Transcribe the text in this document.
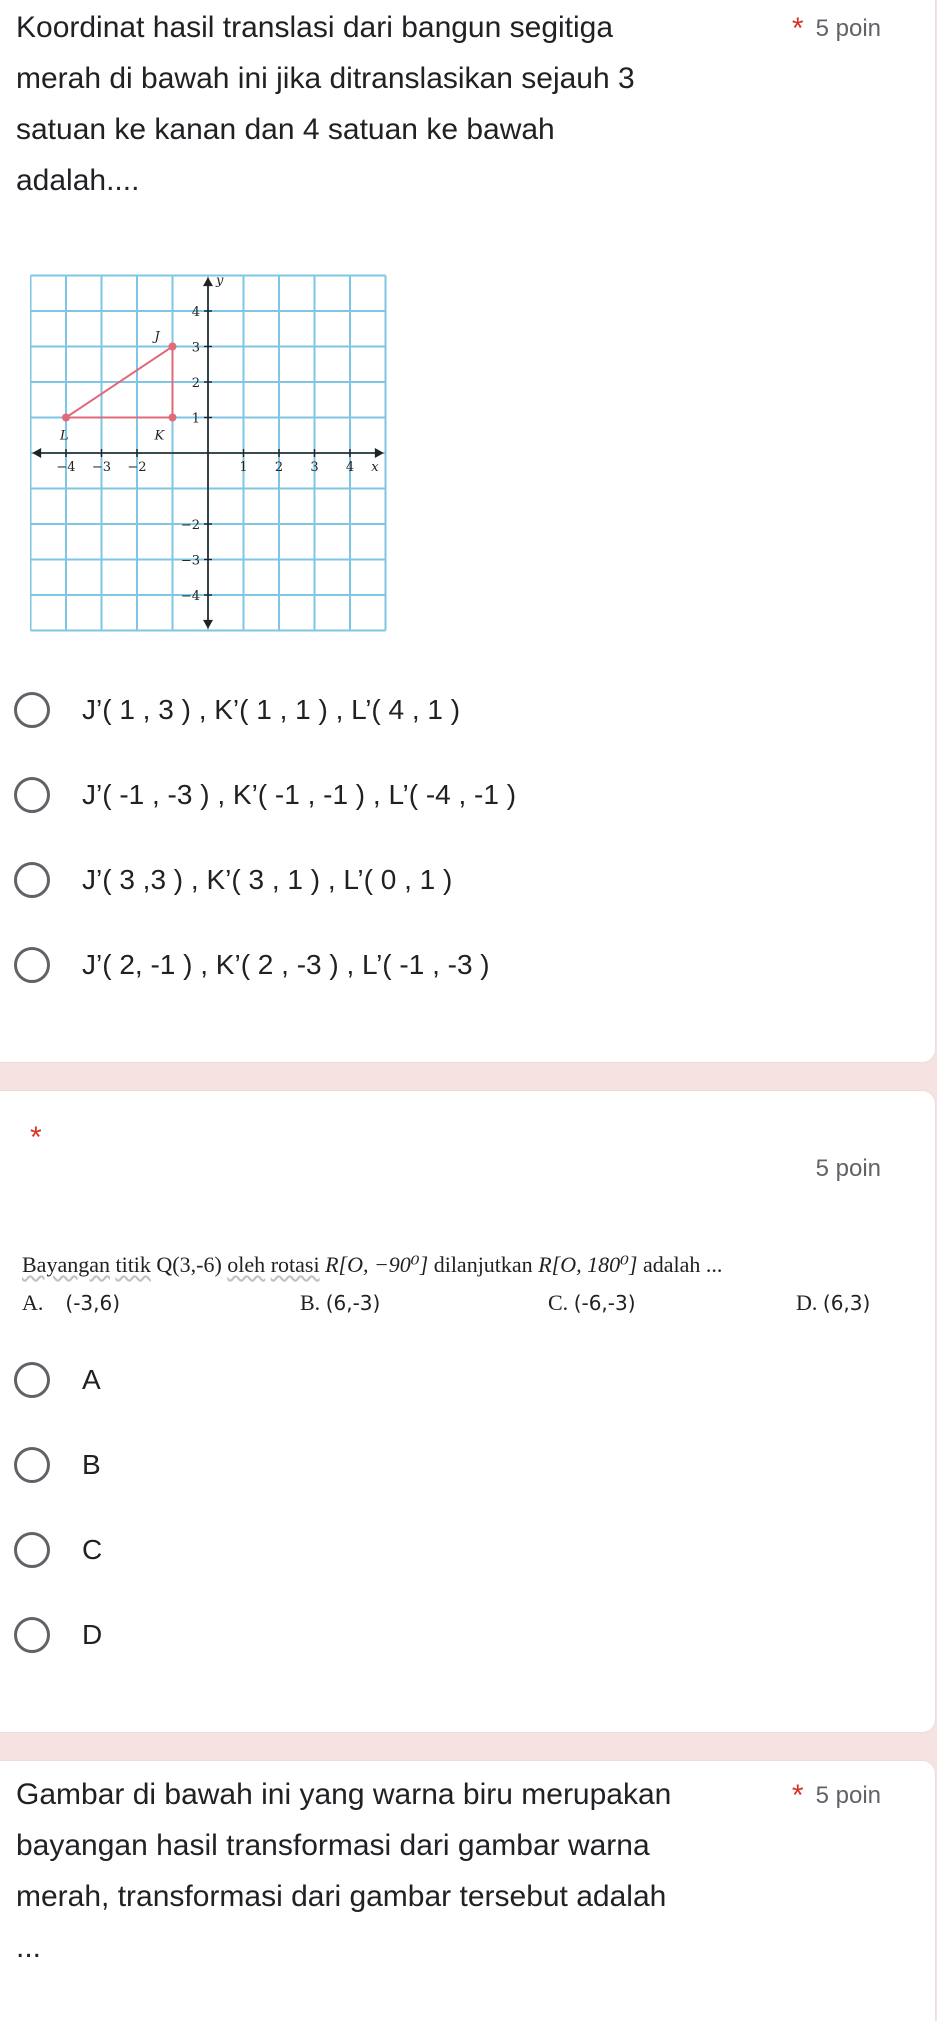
Koordinat hasil translasi dari bangun segitiga
merah di bawah ini jika ditranslasikan sejauh 3
satuan ke kanan dan 4 satuan ke bawah
adalah....
* 5 poin
−4 −3 −2	1 2 3 4
4
3
2
1
−2
−3
−4
x
y
J
K
L
J’( 1 , 3 ) , K’( 1 , 1 ) , L’( 4 , 1 )
J’( -1 , -3 ) , K’( -1 , -1 ) , L’( -4 , -1 )
J’( 3 ,3 ) , K’( 3 , 1 ) , L’( 0 , 1 )
J’( 2, -1 ) , K’( 2 , -3 ) , L’( -1 , -3 )
*
5 poin
Bayangan titik Q(3,-6) oleh rotasi R[O, −90⁰] dilanjutkan R[O, 180⁰] adalah ...
A. (-3,6)	B. (6,-3)	C. (-6,-3)	D. (6,3)
A
B
C
D
Gambar di bawah ini yang warna biru merupakan
bayangan hasil transformasi dari gambar warna
merah, transformasi dari gambar tersebut adalah
...
* 5 poin
